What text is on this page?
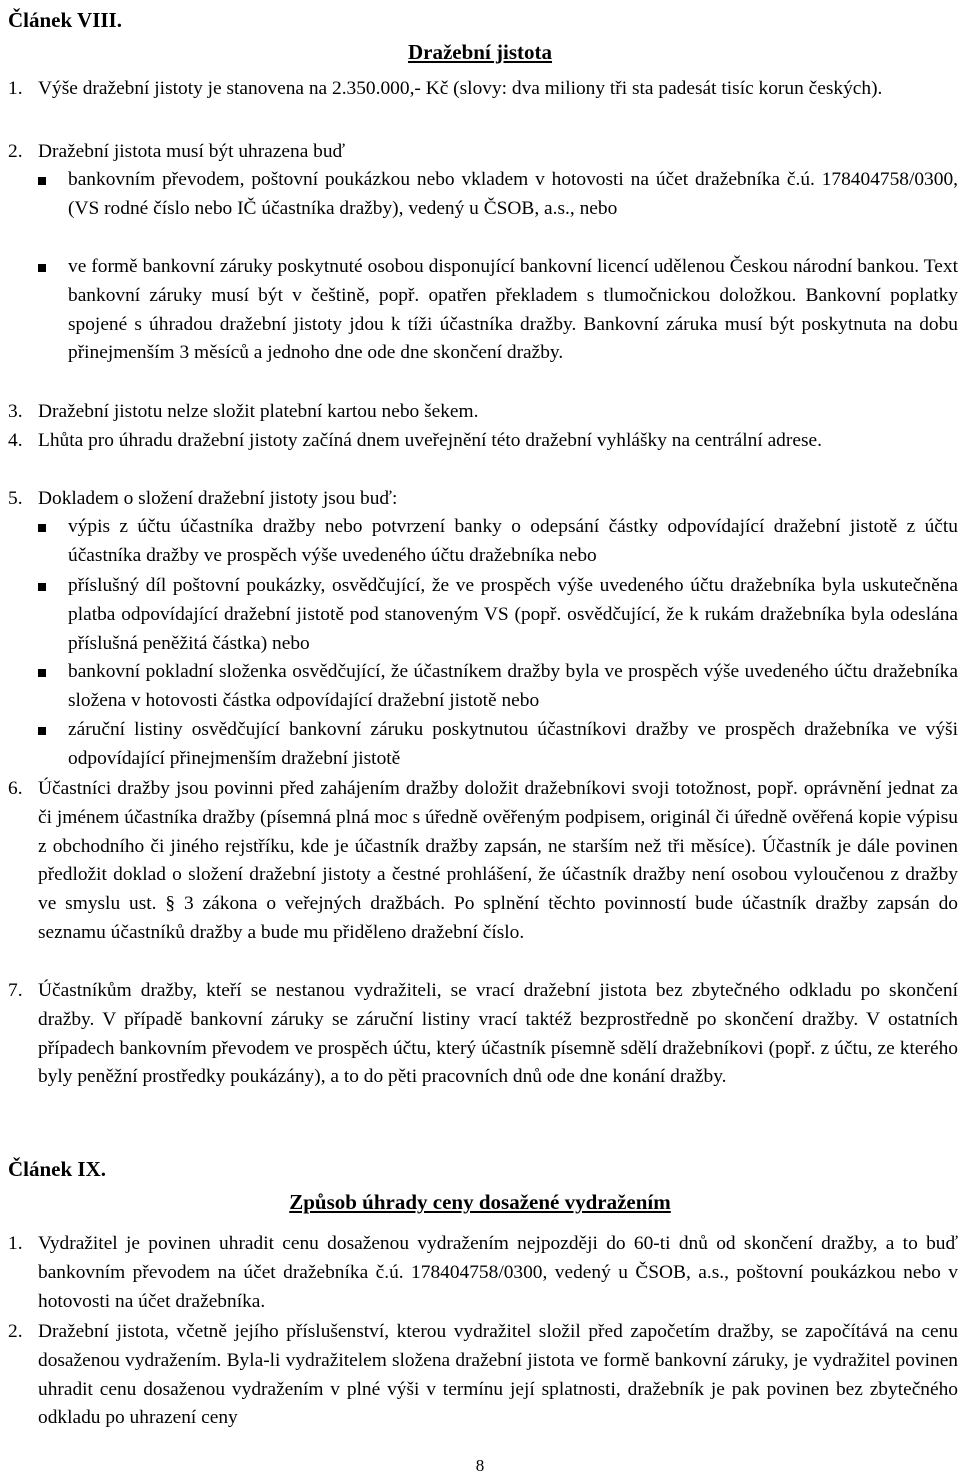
Článek VIII.
Dražební jistota
1. Výše dražební jistoty je stanovena na 2.350.000,- Kč (slovy: dva miliony tři sta padesát tisíc korun českých).
2. Dražební jistota musí být uhrazena buď
bankovním převodem, poštovní poukázkou nebo vkladem v hotovosti na účet dražebníka č.ú. 178404758/0300, (VS rodné číslo nebo IČ účastníka dražby), vedený u ČSOB, a.s., nebo
ve formě bankovní záruky poskytnuté osobou disponující bankovní licencí udělenou Českou národní bankou. Text bankovní záruky musí být v češtině, popř. opatřen překladem s tlumočnickou doložkou. Bankovní poplatky spojené s úhradou dražební jistoty jdou k tíži účastníka dražby. Bankovní záruka musí být poskytnuta na dobu přinejmenším 3 měsíců a jednoho dne ode dne skončení dražby.
3. Dražební jistotu nelze složit platební kartou nebo šekem.
4. Lhůta pro úhradu dražební jistoty začíná dnem uveřejnění této dražební vyhlášky na centrální adrese.
5. Dokladem o složení dražební jistoty jsou buď:
výpis z účtu účastníka dražby nebo potvrzení banky o odepsání částky odpovídající dražební jistotě z účtu účastníka dražby ve prospěch výše uvedeného účtu dražebníka nebo
příslušný díl poštovní poukázky, osvědčující, že ve prospěch výše uvedeného účtu dražebníka byla uskutečněna platba odpovídající dražební jistotě pod stanoveným VS (popř. osvědčující, že k rukám dražebníka byla odeslána příslušná peněžitá částka) nebo
bankovní pokladní složenka osvědčující, že účastníkem dražby byla ve prospěch výše uvedeného účtu dražebníka složena v hotovosti částka odpovídající dražební jistotě nebo
záruční listiny osvědčující bankovní záruku poskytnutou účastníkovi dražby ve prospěch dražebníka ve výši odpovídající přinejmenším dražební jistotě
6. Účastníci dražby jsou povinni před zahájením dražby doložit dražebníkovi svoji totožnost, popř. oprávnění jednat za či jménem účastníka dražby (písemná plná moc s úředně ověřeným podpisem, originál či úředně ověřená kopie výpisu z obchodního či jiného rejstříku, kde je účastník dražby zapsán, ne starším než tři měsíce). Účastník je dále povinen předložit doklad o složení dražební jistoty a čestné prohlášení, že účastník dražby není osobou vyloučenou z dražby ve smyslu ust. § 3 zákona o veřejných dražbách. Po splnění těchto povinností bude účastník dražby zapsán do seznamu účastníků dražby a bude mu přiděleno dražební číslo.
7. Účastníkům dražby, kteří se nestanou vydražiteli, se vrací dražební jistota bez zbytečného odkladu po skončení dražby. V případě bankovní záruky se záruční listiny vrací taktéž bezprostředně po skončení dražby. V ostatních případech bankovním převodem ve prospěch účtu, který účastník písemně sdělí dražebníkovi (popř. z účtu, ze kterého byly peněžní prostředky poukázány), a to do pěti pracovních dnů ode dne konání dražby.
Článek IX.
Způsob úhrady ceny dosažené vydražením
1. Vydražitel je povinen uhradit cenu dosaženou vydražením nejpozději do 60-ti dnů od skončení dražby, a to buď bankovním převodem na účet dražebníka č.ú. 178404758/0300, vedený u ČSOB, a.s., poštovní poukázkou nebo v hotovosti na účet dražebníka.
2. Dražební jistota, včetně jejího příslušenství, kterou vydražitel složil před započetím dražby, se započítává na cenu dosaženou vydražením. Byla-li vydražitelem složena dražební jistota ve formě bankovní záruky, je vydražitel povinen uhradit cenu dosaženou vydražením v plné výši v termínu její splatnosti, dražebník je pak povinen bez zbytečného odkladu po uhrazení ceny
8
